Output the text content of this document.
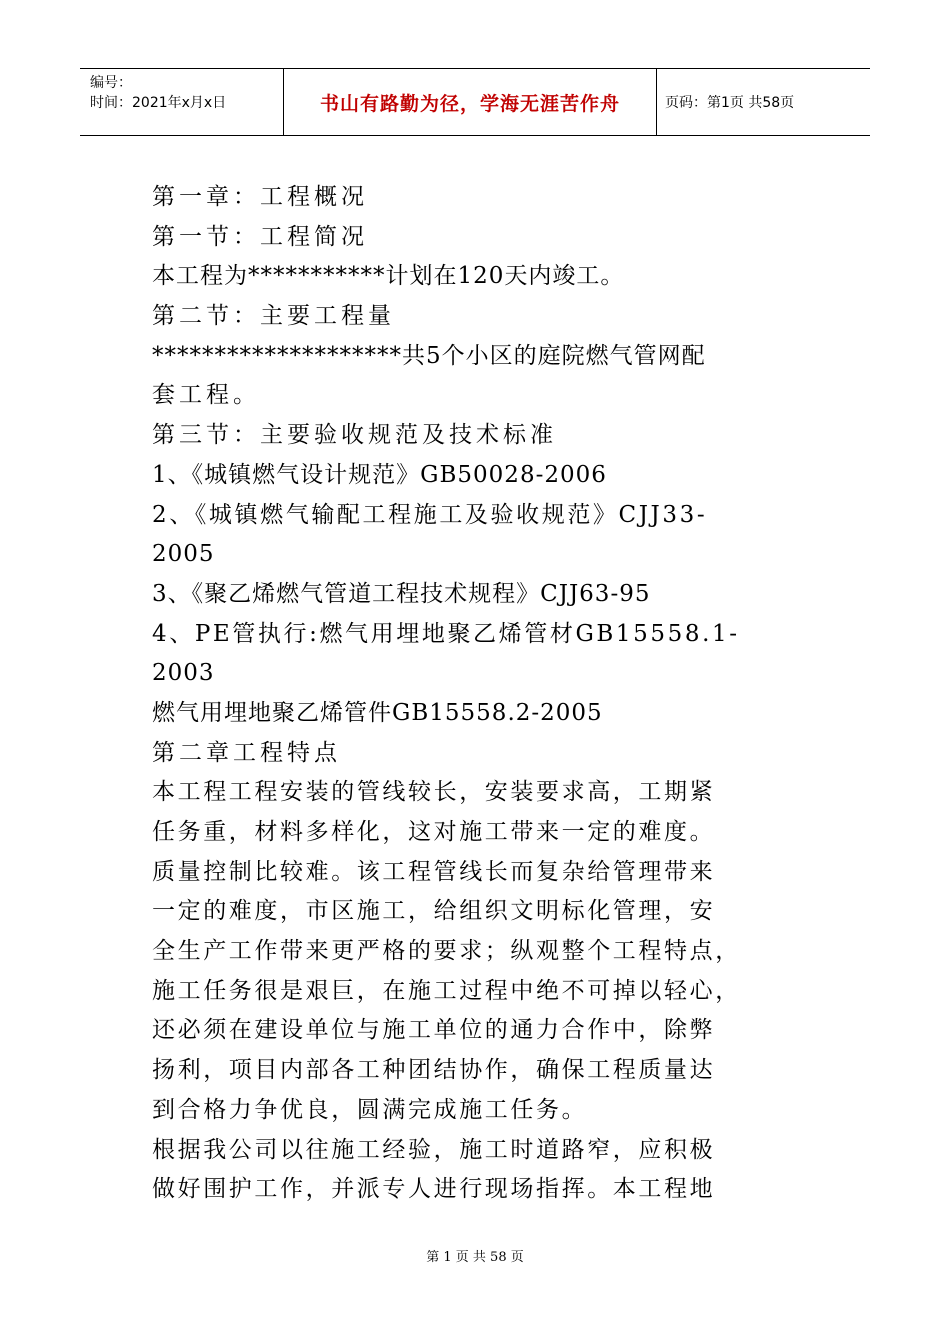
编号：
时间：2021年x月x日	书山有路勤为径，学海无涯苦作舟	页码：第1页 共58页
第一章：工程概况
第一节：工程简况
本工程为***********计划在120天内竣工。
第二节：主要工程量
********************共5个小区的庭院燃气管网配
套工程。
第三节：主要验收规范及技术标准
1、《城镇燃气设计规范》GB50028-2006
2、《城镇燃气输配工程施工及验收规范》CJJ33-
2005
3、《聚乙烯燃气管道工程技术规程》CJJ63-95
4、PE管执行:燃气用埋地聚乙烯管材GB15558.1-
2003
燃气用埋地聚乙烯管件GB15558.2-2005
第二章工程特点
本工程工程安装的管线较长，安装要求高，工期紧
任务重，材料多样化，这对施工带来一定的难度。
质量控制比较难。该工程管线长而复杂给管理带来
一定的难度，市区施工，给组织文明标化管理，安
全生产工作带来更严格的要求；纵观整个工程特点，
施工任务很是艰巨，在施工过程中绝不可掉以轻心，
还必须在建设单位与施工单位的通力合作中，除弊
扬利，项目内部各工种团结协作，确保工程质量达
到合格力争优良，圆满完成施工任务。
根据我公司以往施工经验，施工时道路窄，应积极
做好围护工作，并派专人进行现场指挥。本工程地
第 1 页 共 58 页
